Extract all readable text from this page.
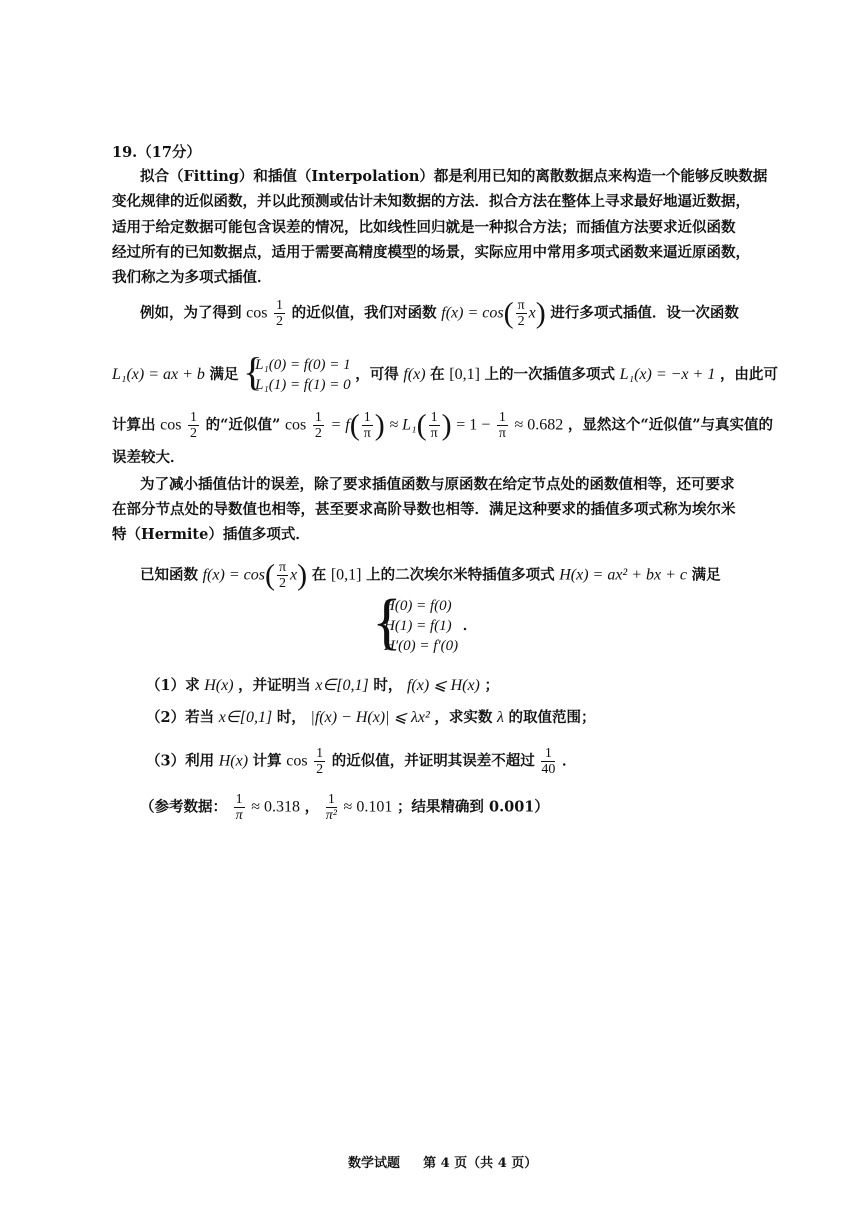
19.（17分）
拟合（Fitting）和插值（Interpolation）都是利用已知的离散数据点来构造一个能够反映数据
变化规律的近似函数，并以此预测或估计未知数据的方法．拟合方法在整体上寻求最好地逼近数据，
适用于给定数据可能包含误差的情况，比如线性回归就是一种拟合方法；而插值方法要求近似函数
经过所有的已知数据点，适用于需要高精度模型的场景，实际应用中常用多项式函数来逼近原函数，
我们称之为多项式插值．
例如，为了得到 $\cos \frac{1}{2}$ 的近似值，我们对函数 $f(x) = \cos( \frac{\pi}{2} x)$ 进行多项式插值．设一次函数
L₁(x) = ax + b 满足 {
L₁(0) = f(0) = 1
L₁(1) = f(1) = 0
，可得 f(x) 在 [0,1] 上的一次插值多项式 L₁(x) = −x + 1 ，由此可
计算出 $\cos \frac{1}{2}$ 的“近似值” $\cos \frac{1}{2} = f( \frac{1}{\pi}$ ) ≈ $L_1( \frac{1}{\pi}$ ) = $1 - \frac{1}{\pi} \approx 0.682$ ，显然这个“近似值”与真实值的
误差较大．
为了减小插值估计的误差，除了要求插值函数与原函数在给定节点处的函数值相等，还可要求
在部分节点处的导数值也相等，甚至要求高阶导数也相等．满足这种要求的插值多项式称为埃尔米
特（Hermite）插值多项式．
已知函数 $f(x) = \cos( \frac{\pi}{2} x)$ 在 [0,1] 上的二次埃尔米特插值多项式 H(x) = ax² + bx + c 满足
{
H(0) = f(0)
H(1) = f(1)
H′(0) = f′(0)
．
（1）求 H(x) ，并证明当 x∈[0,1] 时， f(x) ⩽ H(x) ；
（2）若当 x∈[0,1] 时， |f(x) − H(x)| ⩽ λx² ，求实数 λ 的取值范围；
（3）利用 H(x) 计算 $\cos \frac{1}{2}$ 的近似值，并证明其误差不超过 $\frac{1}{40}$ ．
（参考数据： $\frac{1}{\pi} \approx 0.318$ ， $\frac{1}{\text{π²}} \approx 0.101$ ；结果精确到 0.001）
数学试题 第 4 页（共 4 页）
